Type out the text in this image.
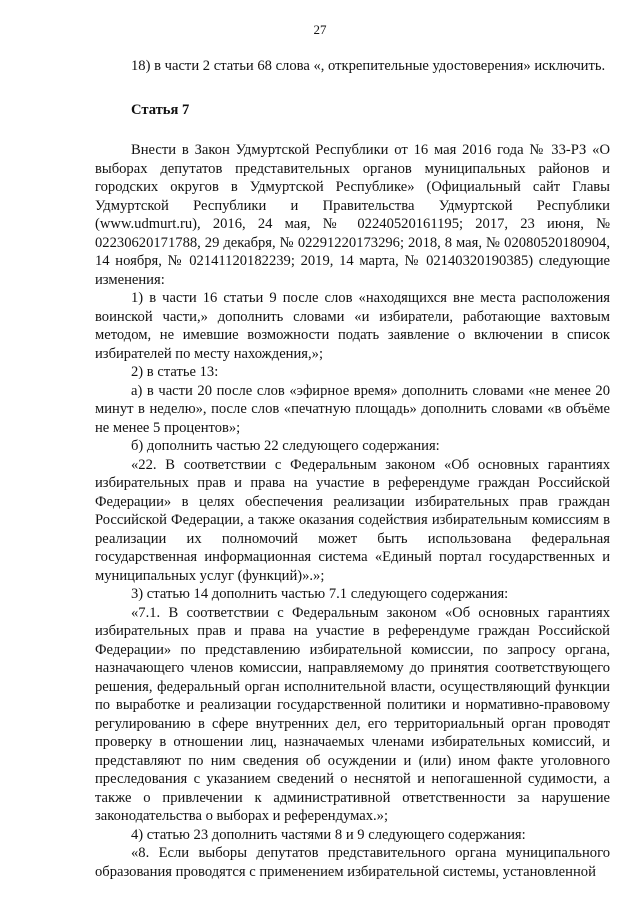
27

18) в части 2 статьи 68 слова «, открепительные удостоверения» исключить.

Статья 7

Внести в Закон Удмуртской Республики от 16 мая 2016 года № 33-РЗ «О выборах депутатов представительных органов муниципальных районов и городских округов в Удмуртской Республике» (Официальный сайт Главы Удмуртской Республики и Правительства Удмуртской Республики (www.udmurt.ru), 2016, 24 мая, № 02240520161195; 2017, 23 июня, № 02230620171788, 29 декабря, № 02291220173296; 2018, 8 мая, № 02080520180904, 14 ноября, № 02141120182239; 2019, 14 марта, № 02140320190385) следующие изменения:

1) в части 16 статьи 9 после слов «находящихся вне места расположения воинской части,» дополнить словами «и избиратели, работающие вахтовым методом, не имевшие возможности подать заявление о включении в список избирателей по месту нахождения,»;

2) в статье 13:

а) в части 20 после слов «эфирное время» дополнить словами «не менее 20 минут в неделю», после слов «печатную площадь» дополнить словами «в объёме не менее 5 процентов»;

б) дополнить частью 22 следующего содержания:

«22. В соответствии с Федеральным законом «Об основных гарантиях избирательных прав и права на участие в референдуме граждан Российской Федерации» в целях обеспечения реализации избирательных прав граждан Российской Федерации, а также оказания содействия избирательным комиссиям в реализации их полномочий может быть использована федеральная государственная информационная система «Единый портал государственных и муниципальных услуг (функций)».»;

3) статью 14 дополнить частью 7.1 следующего содержания:

«7.1. В соответствии с Федеральным законом «Об основных гарантиях избирательных прав и права на участие в референдуме граждан Российской Федерации» по представлению избирательной комиссии, по запросу органа, назначающего членов комиссии, направляемому до принятия соответствующего решения, федеральный орган исполнительной власти, осуществляющий функции по выработке и реализации государственной политики и нормативно-правовому регулированию в сфере внутренних дел, его территориальный орган проводят проверку в отношении лиц, назначаемых членами избирательных комиссий, и представляют по ним сведения об осуждении и (или) ином факте уголовного преследования с указанием сведений о неснятой и непогашенной судимости, а также о привлечении к административной ответственности за нарушение законодательства о выборах и референдумах.»;

4) статью 23 дополнить частями 8 и 9 следующего содержания:

«8. Если выборы депутатов представительного органа муниципального образования проводятся с применением избирательной системы, установленной
